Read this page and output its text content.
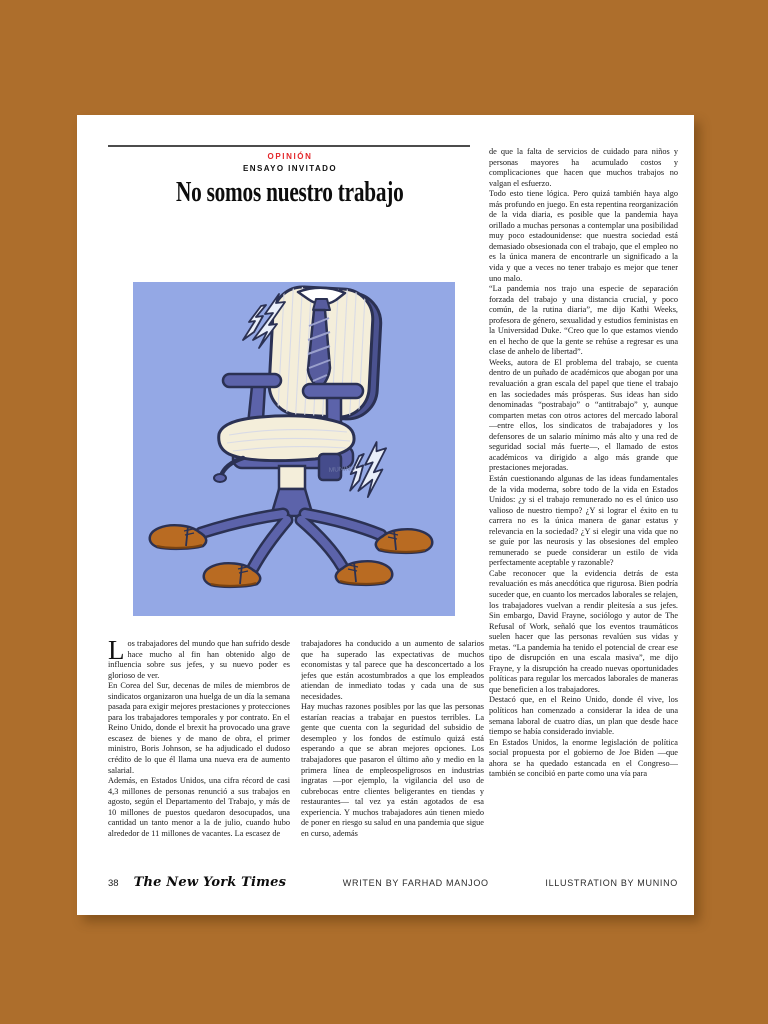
OPINIÓN
ENSAYO INVITADO
No somos nuestro trabajo
MUNINO

Los trabajadores del mundo que han sufrido desde hace mucho al fin han obtenido algo de influencia sobre sus jefes, y su nuevo poder es glorioso de ver.

En Corea del Sur, decenas de miles de miembros de sindicatos organizaron una huelga de un día la semana pasada para exigir mejores prestaciones y protecciones para los trabajadores temporales y por contrato. En el Reino Unido, donde el brexit ha provocado una grave escasez de bienes y de mano de obra, el primer ministro, Boris Johnson, se ha adjudicado el dudoso crédito de lo que él llama una nueva era de aumento salarial.

Además, en Estados Unidos, una cifra récord de casi 4,3 millones de personas renunció a sus trabajos en agosto, según el Departamento del Trabajo, y más de 10 millones de puestos quedaron desocupados, una cantidad un tanto menor a la de julio, cuando hubo alrededor de 11 millones de vacantes. La escasez de

trabajadores ha conducido a un aumento de salarios que ha superado las expectativas de muchos economistas y tal parece que ha desconcertado a los jefes que están acostumbrados a que los empleados atiendan de inmediato todas y cada una de sus necesidades.

Hay muchas razones posibles por las que las personas estarían reacias a trabajar en puestos terribles. La gente que cuenta con la seguridad del subsidio de desempleo y los fondos de estímulo quizá está esperando a que se abran mejores opciones. Los trabajadores que pasaron el último año y medio en la primera línea de empleospeligrosos en industrias ingratas —por ejemplo, la vigilancia del uso de cubrebocas entre clientes beligerantes en tiendas y restaurantes— tal vez ya están agotados de esa experiencia. Y muchos trabajadores aún tienen miedo de poner en riesgo su salud en una pandemia que sigue en curso, además

de que la falta de servicios de cuidado para niños y personas mayores ha acumulado costos y complicaciones que hacen que muchos trabajos no valgan el esfuerzo.

Todo esto tiene lógica. Pero quizá también haya algo más profundo en juego. En esta repentina reorganización de la vida diaria, es posible que la pandemia haya orillado a muchas personas a contemplar una posibilidad muy poco estadounidense: que nuestra sociedad está demasiado obsesionada con el trabajo, que el empleo no es la única manera de encontrarle un significado a la vida y que a veces no tener trabajo es mejor que tener uno malo.

“La pandemia nos trajo una especie de separación forzada del trabajo y una distancia crucial, y poco común, de la rutina diaria”, me dijo Kathi Weeks, profesora de género, sexualidad y estudios feministas en la Universidad Duke. “Creo que lo que estamos viendo en el hecho de que la gente se rehúse a regresar es una clase de anhelo de libertad”.

Weeks, autora de El problema del trabajo, se cuenta dentro de un puñado de académicos que abogan por una revaluación a gran escala del papel que tiene el trabajo en las sociedades más prósperas. Sus ideas han sido denominadas “postrabajo” o “antitrabajo” y, aunque comparten metas con otros actores del mercado laboral —entre ellos, los sindicatos de trabajadores y los defensores de un salario mínimo más alto y una red de seguridad social más fuerte—, el llamado de estos académicos va dirigido a algo más grande que prestaciones mejoradas.

Están cuestionando algunas de las ideas fundamentales de la vida moderna, sobre todo de la vida en Estados Unidos: ¿y si el trabajo remunerado no es el único uso valioso de nuestro tiempo? ¿Y si lograr el éxito en tu carrera no es la única manera de ganar estatus y relevancia en la sociedad? ¿Y si elegir una vida que no se guíe por las neurosis y las obsesiones del empleo remunerado se puede considerar un estilo de vida perfectamente aceptable y razonable?

Cabe reconocer que la evidencia detrás de esta revaluación es más anecdótica que rigurosa. Bien podría suceder que, en cuanto los mercados laborales se relajen, los trabajadores vuelvan a rendir pleitesía a sus jefes. Sin embargo, David Frayne, sociólogo y autor de The Refusal of Work, señaló que los eventos traumáticos suelen hacer que las personas revalúen sus vidas y metas. “La pandemia ha tenido el potencial de crear ese tipo de disrupción en una escala masiva”, me dijo Frayne, y la disrupción ha creado nuevas oportunidades políticas para regular los mercados laborales de maneras que beneficien a los trabajadores.

Destacó que, en el Reino Unido, donde él vive, los políticos han comenzado a considerar la idea de una semana laboral de cuatro días, un plan que desde hace tiempo se había considerado inviable.

En Estados Unidos, la enorme legislación de política social propuesta por el gobierno de Joe Biden —que ahora se ha quedado estancada en el Congreso— también se concibió en parte como una vía para

38 The New York Times	WRITEN BY FARHAD MANJOO	ILLUSTRATION BY MUNINO
